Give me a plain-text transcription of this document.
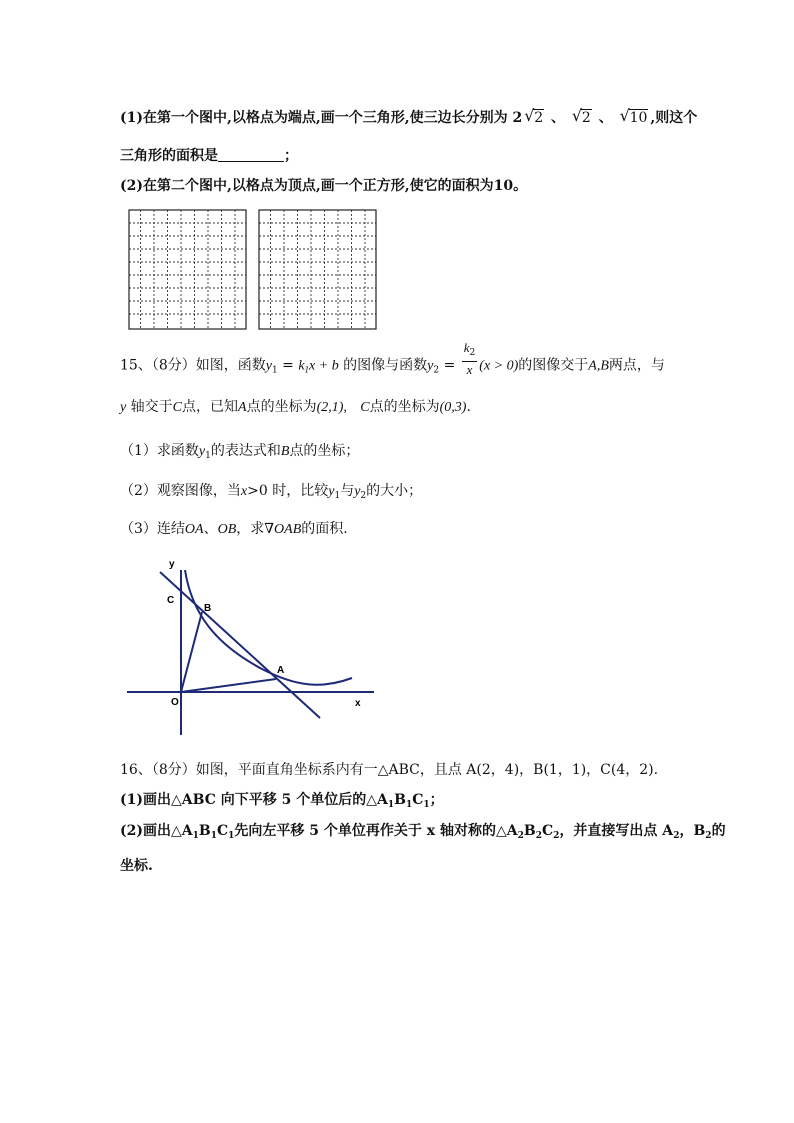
(1)在第一个图中,以格点为端点,画一个三角形,使三边长分别为 2 √ 2 、 √ 2 、 √ 10 ,则这个
三角形的面积是	；
(2)在第二个图中,以格点为顶点,画一个正方形,使它的面积为10。
15、（8分）如图，函数$y_1 = k_1x + b$ 的图像与函数$y_2 = \frac{k_2}{x} (x > 0)$的图像交于A,B两点，与
y 轴交于C点，已知A点的坐标为(2,1), C点的坐标为(0,3).
（1）求函数$y_1$的表达式和B点的坐标；
（2）观察图像，当x>0 时，比较$y_1$与$y_2$的大小；
（3）连结OA、OB，求∇OAB的面积.
y
x
O
C
B
A
16、（8分）如图，平面直角坐标系内有一△ABC，且点 A(2，4)，B(1，1)，C(4，2).
(1)画出△ABC 向下平移 5 个单位后的$\triangle A_1B_1C_1$；
(2)画出$\triangle A_1B_1C_1$先向左平移 5 个单位再作关于 x 轴对称的$\triangle A_2B_2C_2$，并直接写出点 $A_2$，$B_2$的
坐标.
